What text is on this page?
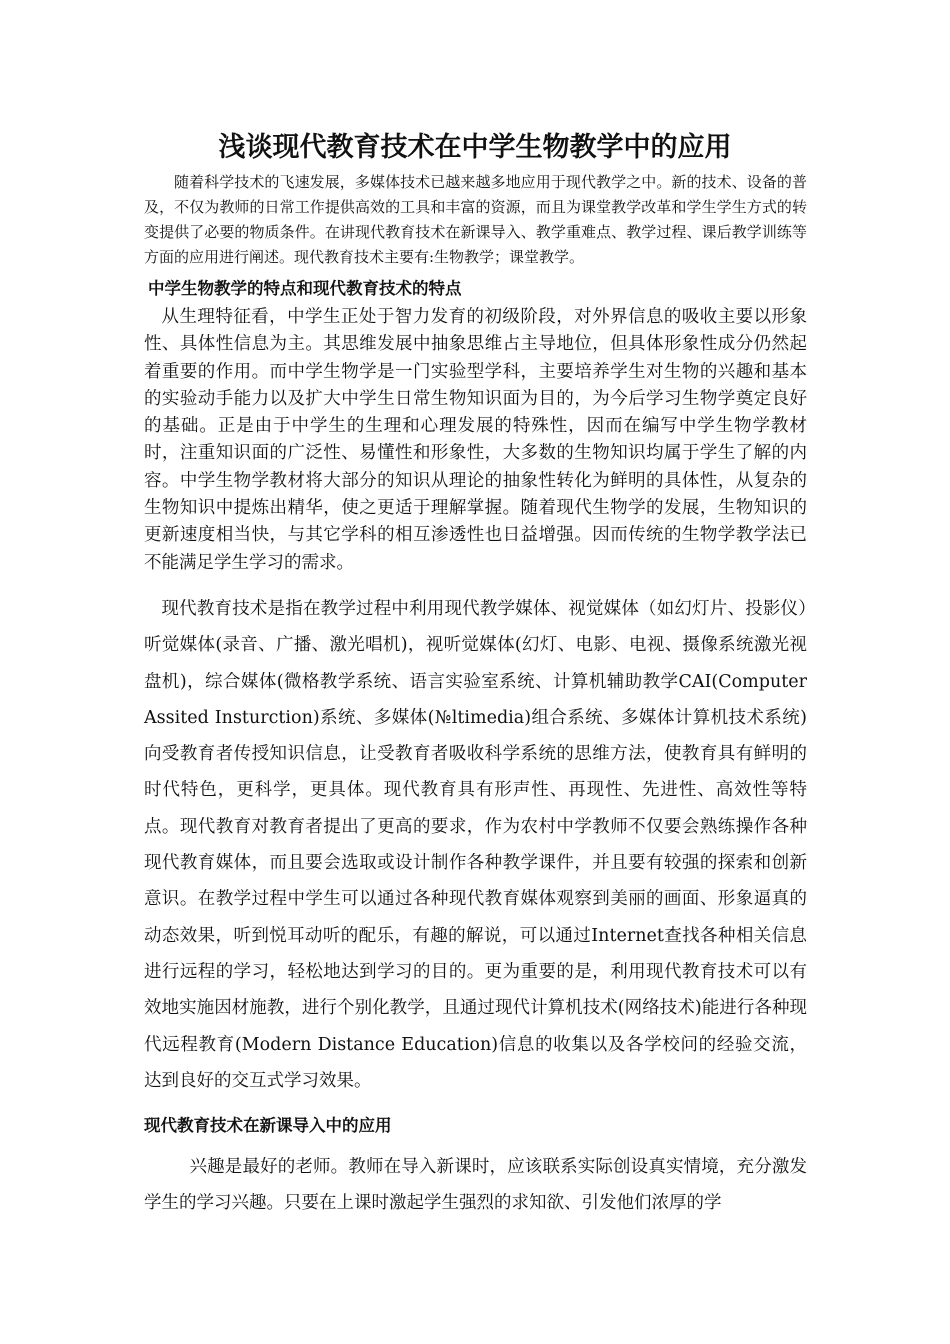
浅谈现代教育技术在中学生物教学中的应用

随着科学技术的飞速发展，多媒体技术已越来越多地应用于现代教学之中。新的技术、设备的普及，不仅为教师的日常工作提供高效的工具和丰富的资源，而且为课堂教学改革和学生学生方式的转变提供了必要的物质条件。在讲现代教育技术在新课导入、教学重难点、教学过程、课后教学训练等方面的应用进行阐述。现代教育技术主要有:生物教学；课堂教学。

中学生物教学的特点和现代教育技术的特点

从生理特征看，中学生正处于智力发育的初级阶段，对外界信息的吸收主要以形象性、具体性信息为主。其思维发展中抽象思维占主导地位，但具体形象性成分仍然起着重要的作用。而中学生物学是一门实验型学科，主要培养学生对生物的兴趣和基本的实验动手能力以及扩大中学生日常生物知识面为目的，为今后学习生物学奠定良好的基础。正是由于中学生的生理和心理发展的特殊性，因而在编写中学生物学教材时，注重知识面的广泛性、易懂性和形象性，大多数的生物知识均属于学生了解的内容。中学生物学教材将大部分的知识从理论的抽象性转化为鲜明的具体性，从复杂的生物知识中提炼出精华，使之更适于理解掌握。随着现代生物学的发展，生物知识的更新速度相当快，与其它学科的相互渗透性也日益增强。因而传统的生物学教学法已不能满足学生学习的需求。

现代教育技术是指在教学过程中利用现代教学媒体、视觉媒体（如幻灯片、投影仪）听觉媒体(录音、广播、激光唱机)，视听觉媒体(幻灯、电影、电视、摄像系统激光视盘机)，综合媒体(微格教学系统、语言实验室系统、计算机辅助教学CAI(Computer Assited Insturction)系统、多媒体(№ltimedia)组合系统、多媒体计算机技术系统)向受教育者传授知识信息，让受教育者吸收科学系统的思维方法，使教育具有鲜明的时代特色，更科学，更具体。现代教育具有形声性、再现性、先进性、高效性等特点。现代教育对教育者提出了更高的要求，作为农村中学教师不仅要会熟练操作各种现代教育媒体，而且要会选取或设计制作各种教学课件，并且要有较强的探索和创新意识。在教学过程中学生可以通过各种现代教育媒体观察到美丽的画面、形象逼真的动态效果，听到悦耳动听的配乐，有趣的解说，可以通过Internet查找各种相关信息进行远程的学习，轻松地达到学习的目的。更为重要的是，利用现代教育技术可以有效地实施因材施教，进行个别化教学，且通过现代计算机技术(网络技术)能进行各种现代远程教育(Modern Distance Education)信息的收集以及各学校问的经验交流，达到良好的交互式学习效果。

现代教育技术在新课导入中的应用

兴趣是最好的老师。教师在导入新课时，应该联系实际创设真实情境，充分激发学生的学习兴趣。只要在上课时激起学生强烈的求知欲、引发他们浓厚的学
